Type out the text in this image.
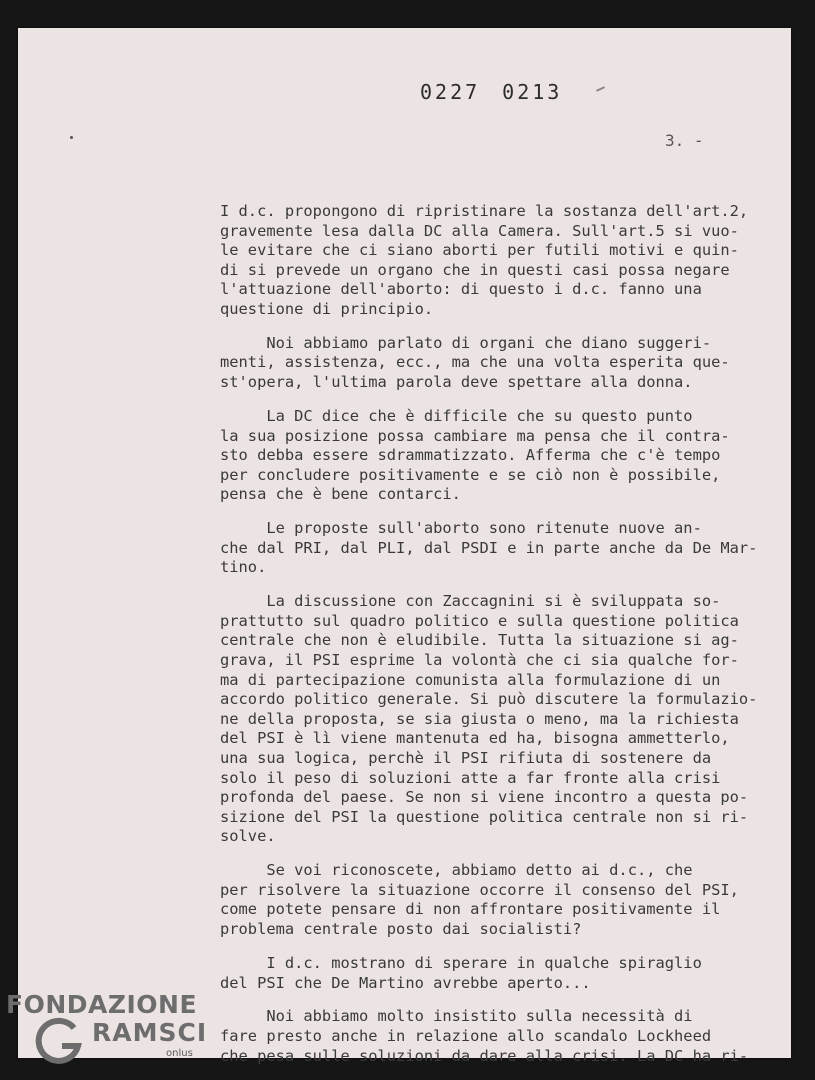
0227 0213
3. -
I d.c. propongono di ripristinare la sostanza dell'art.2,
gravemente lesa dalla DC alla Camera. Sull'art.5 si vuo-
le evitare che ci siano aborti per futili motivi e quin-
di si prevede un organo che in questi casi possa negare
l'attuazione dell'aborto: di questo i d.c. fanno una
questione di principio.
Noi abbiamo parlato di organi che diano suggeri-
menti, assistenza, ecc., ma che una volta esperita que-
st'opera, l'ultima parola deve spettare alla donna.
La DC dice che è difficile che su questo punto
la sua posizione possa cambiare ma pensa che il contra-
sto debba essere sdrammatizzato. Afferma che c'è tempo
per concludere positivamente e se ciò non è possibile,
pensa che è bene contarci.
Le proposte sull'aborto sono ritenute nuove an-
che dal PRI, dal PLI, dal PSDI e in parte anche da De Mar-
tino.
La discussione con Zaccagnini si è sviluppata so-
prattutto sul quadro politico e sulla questione politica
centrale che non è eludibile. Tutta la situazione si ag-
grava, il PSI esprime la volontà che ci sia qualche for-
ma di partecipazione comunista alla formulazione di un
accordo politico generale. Si può discutere la formulazio-
ne della proposta, se sia giusta o meno, ma la richiesta
del PSI è lì viene mantenuta ed ha, bisogna ammetterlo,
una sua logica, perchè il PSI rifiuta di sostenere da
solo il peso di soluzioni atte a far fronte alla crisi
profonda del paese. Se non si viene incontro a questa po-
sizione del PSI la questione politica centrale non si ri-
solve.
Se voi riconoscete, abbiamo detto ai d.c., che
per risolvere la situazione occorre il consenso del PSI,
come potete pensare di non affrontare positivamente il
problema centrale posto dai socialisti?
I d.c. mostrano di sperare in qualche spiraglio
del PSI che De Martino avrebbe aperto...
Noi abbiamo molto insistito sulla necessità di
fare presto anche in relazione allo scandalo Lockheed
che pesa sulle soluzioni da dare alla crisi. La DC ha ri-
FONDAZIONE
RAMSCI
onlus
